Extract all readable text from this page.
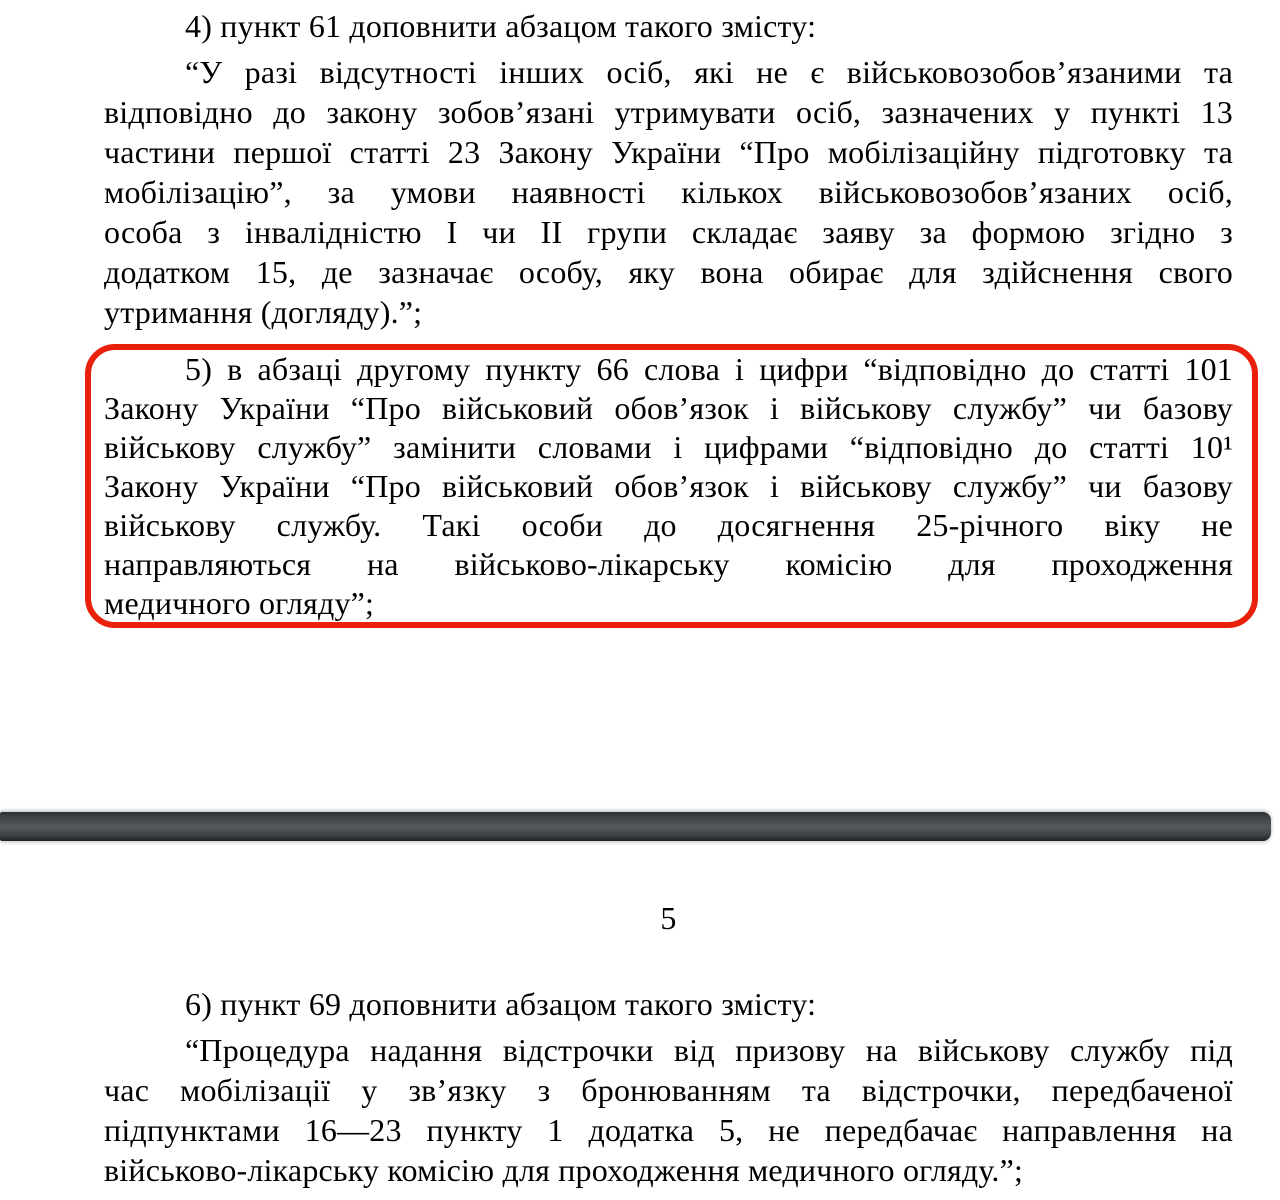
4) пункт 61 доповнити абзацом такого змісту:
“У разі відсутності інших осіб, які не є військовозобов’язаними та
відповідно до закону зобов’язані утримувати осіб, зазначених у пункті 13
частини першої статті 23 Закону України “Про мобілізаційну підготовку та
мобілізацію”, за умови наявності кількох військовозобов’язаних осіб,
особа з інвалідністю І чи ІІ групи складає заяву за формою згідно з
додатком 15, де зазначає особу, яку вона обирає для здійснення свого
утримання (догляду).”;
5) в абзаці другому пункту 66 слова і цифри “відповідно до статті 101
Закону України “Про військовий обов’язок і військову службу” чи базову
військову службу” замінити словами і цифрами “відповідно до статті 10¹
Закону України “Про військовий обов’язок і військову службу” чи базову
військову службу. Такі особи до досягнення 25-річного віку не
направляються на військово-лікарську комісію для проходження
медичного огляду”;
5
6) пункт 69 доповнити абзацом такого змісту:
“Процедура надання відстрочки від призову на військову службу під
час мобілізації у зв’язку з бронюванням та відстрочки, передбаченої
підпунктами 16—23 пункту 1 додатка 5, не передбачає направлення на
військово-лікарську комісію для проходження медичного огляду.”;
